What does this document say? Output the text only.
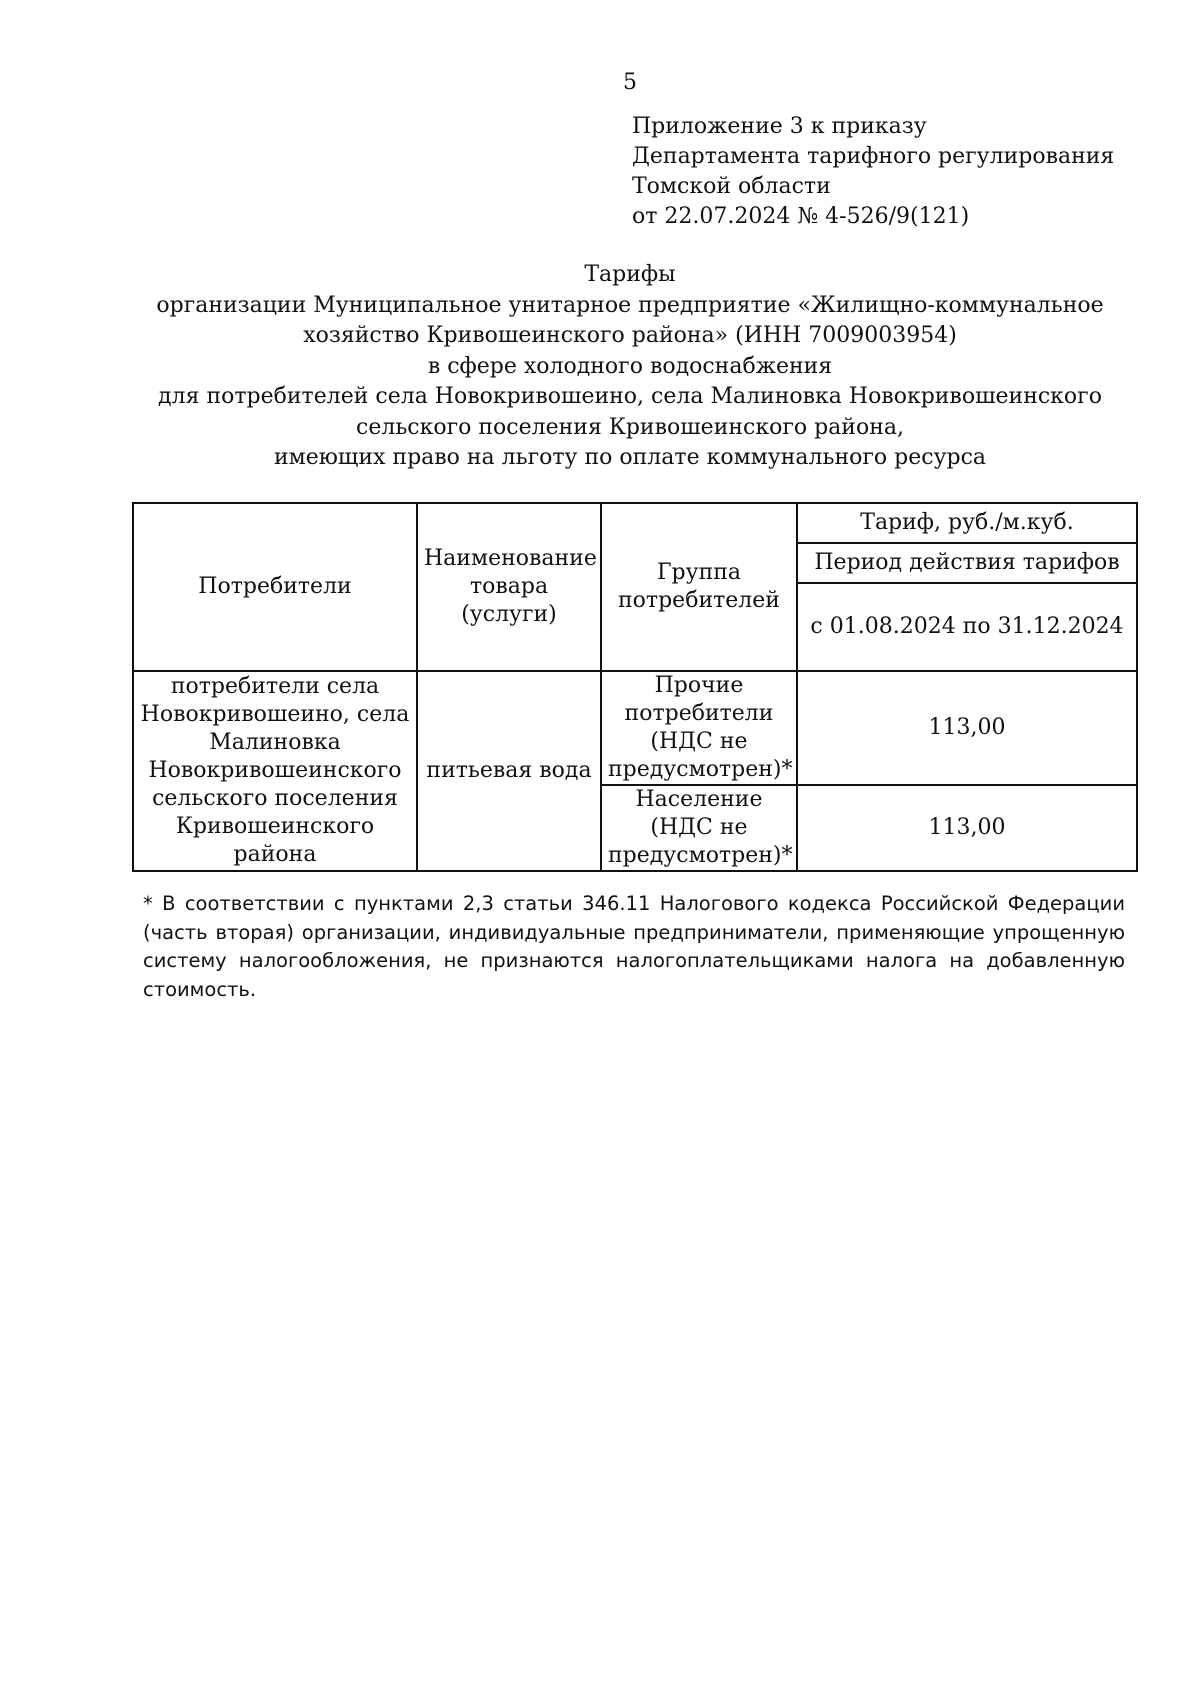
5
Приложение 3 к приказу
Департамента тарифного регулирования
Томской области
от 22.07.2024 № 4-526/9(121)
Тарифы
организации Муниципальное унитарное предприятие «Жилищно-коммунальное
хозяйство Кривошеинского района» (ИНН 7009003954)
в сфере холодного водоснабжения
для потребителей села Новокривошеино, села Малиновка Новокривошеинского
сельского поселения Кривошеинского района,
имеющих право на льготу по оплате коммунального ресурса
Потребители	Наименование товара (услуги)	Группа потребителей	Тариф, руб./м.куб.
			Период действия тарифов
			с 01.08.2024 по 31.12.2024
потребители села Новокривошеино, села Малиновка Новокривошеинского сельского поселения Кривошеинского района	питьевая вода	Прочие потребители (НДС не предусмотрен)*	113,00
		Население (НДС не предусмотрен)*	113,00
* В соответствии с пунктами 2,3 статьи 346.11 Налогового кодекса Российской Федерации (часть вторая) организации, индивидуальные предприниматели, применяющие упрощенную систему налогообложения, не признаются налогоплательщиками налога на добавленную стоимость.
